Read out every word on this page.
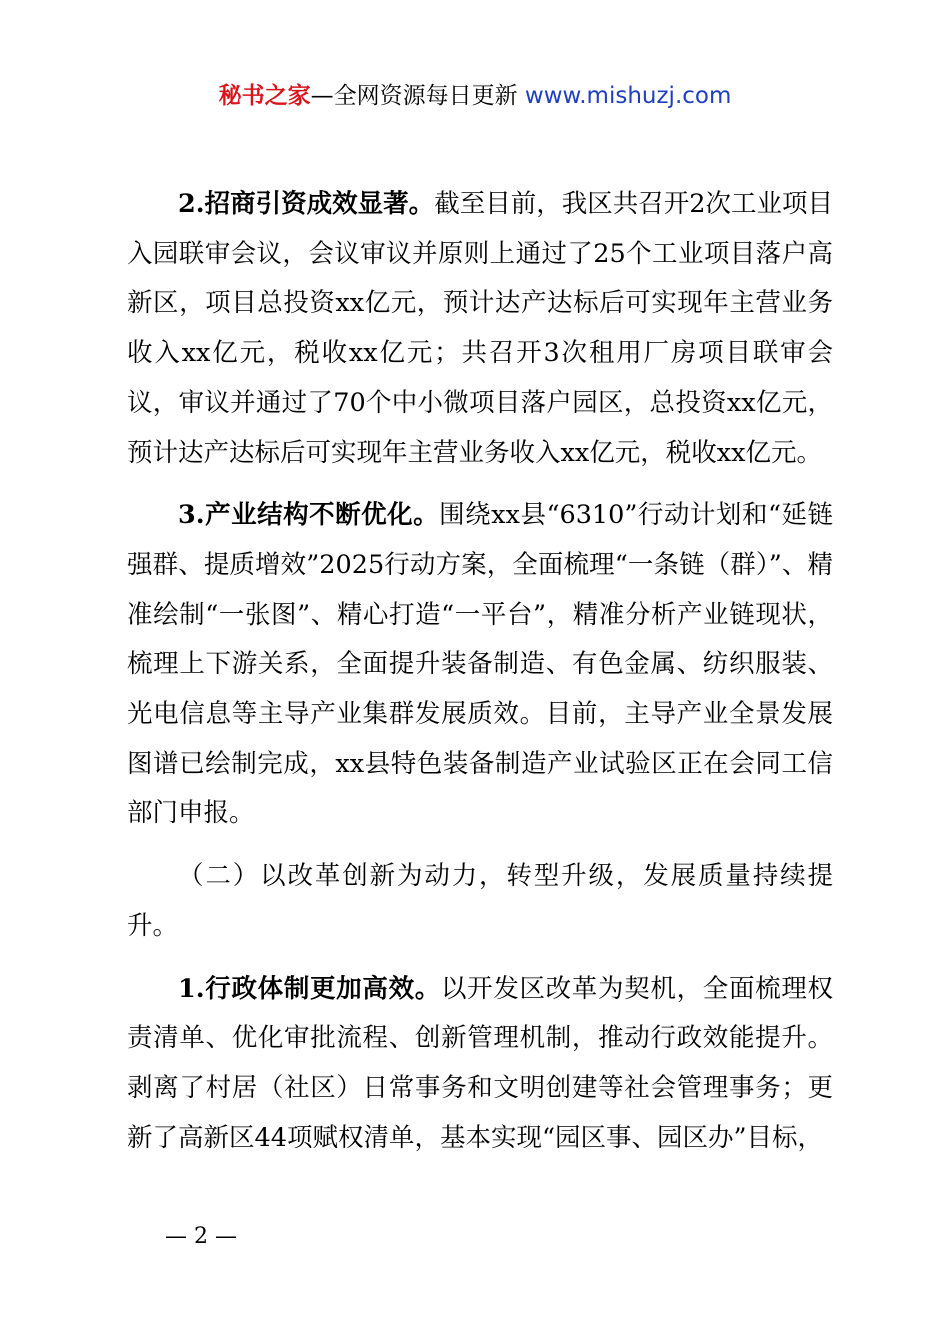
秘书之家—全网资源每日更新 www.mishuzj.com

2.招商引资成效显著。截至目前，我区共召开2次工业项目入园联审会议，会议审议并原则上通过了25个工业项目落户高新区，项目总投资xx亿元，预计达产达标后可实现年主营业务收入xx亿元，税收xx亿元；共召开3次租用厂房项目联审会议，审议并通过了70个中小微项目落户园区，总投资xx亿元，预计达产达标后可实现年主营业务收入xx亿元，税收xx亿元。

3.产业结构不断优化。围绕xx县“6310”行动计划和“延链强群、提质增效”2025行动方案，全面梳理“一条链（群）”、精准绘制“一张图”、精心打造“一平台”，精准分析产业链现状，梳理上下游关系，全面提升装备制造、有色金属、纺织服装、光电信息等主导产业集群发展质效。目前，主导产业全景发展图谱已绘制完成，xx县特色装备制造产业试验区正在会同工信部门申报。

（二）以改革创新为动力，转型升级，发展质量持续提升。

1.行政体制更加高效。以开发区改革为契机，全面梳理权责清单、优化审批流程、创新管理机制，推动行政效能提升。剥离了村居（社区）日常事务和文明创建等社会管理事务；更新了高新区44项赋权清单，基本实现“园区事、园区办”目标，

— 2 —
